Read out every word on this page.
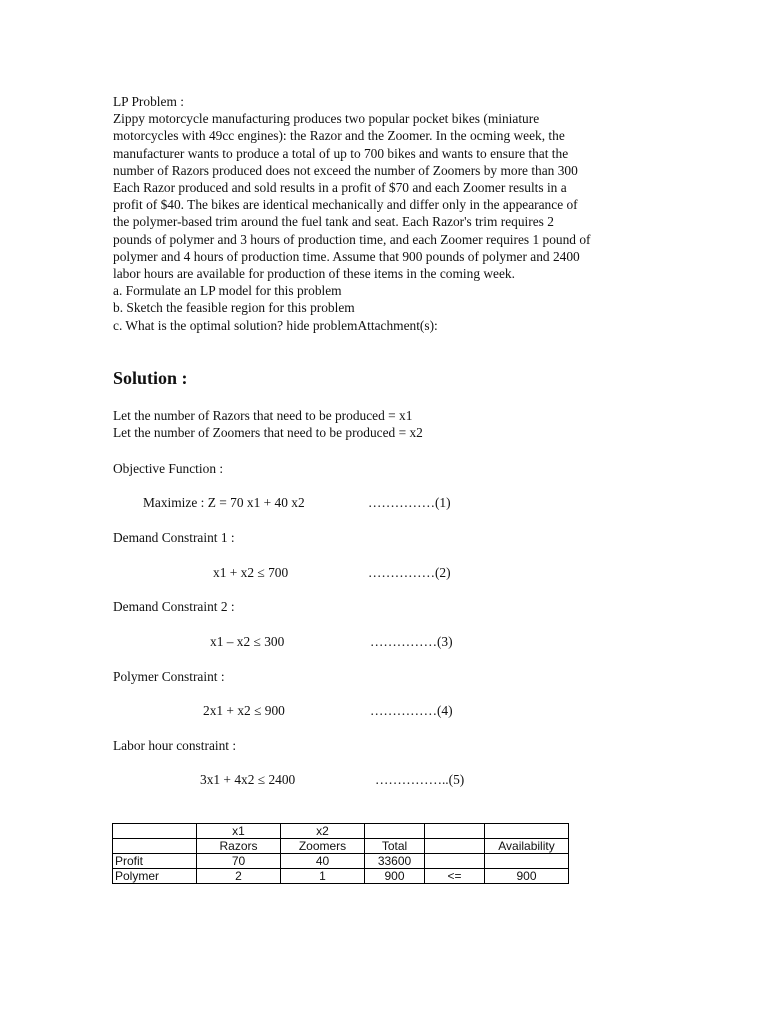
LP Problem :
Zippy motorcycle manufacturing produces two popular pocket bikes (miniature
motorcycles with 49cc engines): the Razor and the Zoomer. In the ocming week, the
manufacturer wants to produce a total of up to 700 bikes and wants to ensure that the
number of Razors produced does not exceed the number of Zoomers by more than 300
Each Razor produced and sold results in a profit of $70 and each Zoomer results in a
profit of $40. The bikes are identical mechanically and differ only in the appearance of
the polymer-based trim around the fuel tank and seat. Each Razor's trim requires 2
pounds of polymer and 3 hours of production time, and each Zoomer requires 1 pound of
polymer and 4 hours of production time. Assume that 900 pounds of polymer and 2400
labor hours are available for production of these items in the coming week.
a. Formulate an LP model for this problem
b. Sketch the feasible region for this problem
c. What is the optimal solution? hide problemAttachment(s):
Solution :
Let the number of Razors that need to be produced = x1
Let the number of Zoomers that need to be produced = x2
Objective Function :
Maximize : Z = 70 x1 + 40 x2	……………(1)
Demand Constraint 1 :
x1 + x2 ≤ 700	……………(2)
Demand Constraint 2 :
x1 – x2 ≤ 300	……………(3)
Polymer Constraint :
2x1 + x2 ≤ 900	……………(4)
Labor hour constraint :
3x1 + 4x2 ≤ 2400	……………..(5)
	x1	x2			
	Razors	Zoomers	Total		Availability
Profit	70	40	33600		
Polymer	2	1	900	<=	900
